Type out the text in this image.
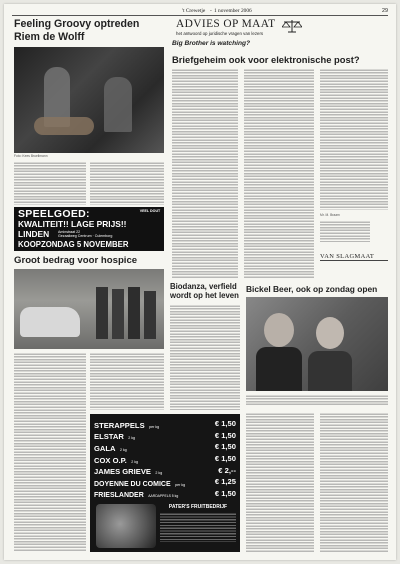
't Crewetje - 1 november 2006	29
Feeling Groovy optreden Riem de Wolff
Foto: Kees Bruellmann
SPEELGOED:	VEEL DOUT
KWALITEIT!! LAGE PRIJS!!
LINDEN Aminstraat 22
Gezaailweg Centrum · Culemborg
KOOPZONDAG 5 NOVEMBER
Groot bedrag voor hospice
STERAPPELS per kg	€ 1,50
ELSTAR 2 kg	€ 1,50
GALA 2 kg	€ 1,50
COX O.P. 2 kg	€ 1,50
JAMES GRIEVE 2 kg	€ 2,--
DOYENNE DU COMICE per kg	€ 1,25
FRIESLANDER AARDAPPELS 5 kg	€ 1,50
PATER'S FRUITBEDRIJF
ADVIES OP MAAT
het antwoord op juridische vragen van lezers
Big Brother is watching?
Briefgeheim ook voor elektronische post?
Mr. M. Braam
VAN SLAGMAAT
Biodanza, verfield wordt op het leven
Bickel Beer, ook op zondag open
